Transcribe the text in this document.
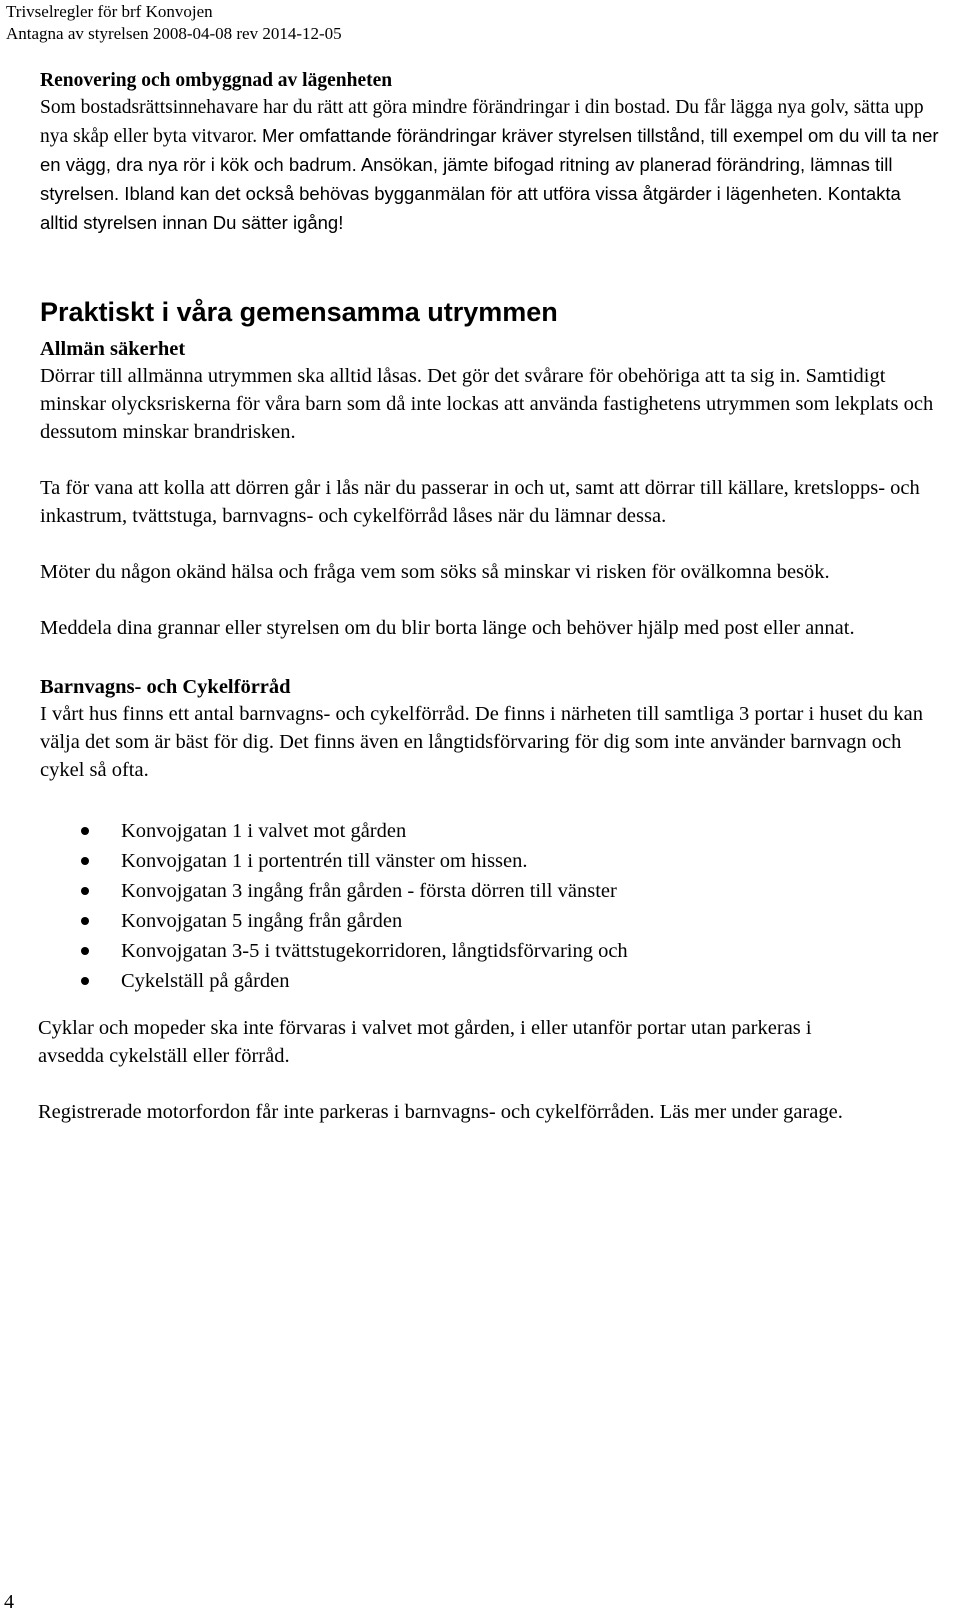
Trivselregler för brf Konvojen
Antagna av styrelsen 2008-04-08 rev 2014-12-05
Renovering och ombyggnad av lägenheten

Som bostadsrättsinnehavare har du rätt att göra mindre förändringar i din bostad. Du får lägga nya golv, sätta upp nya skåp eller byta vitvaror. Mer omfattande förändringar kräver styrelsen tillstånd, till exempel om du vill ta ner en vägg, dra nya rör i kök och badrum. Ansökan, jämte bifogad ritning av planerad förändring, lämnas till styrelsen. Ibland kan det också behövas bygganmälan för att utföra vissa åtgärder i lägenheten. Kontakta alltid styrelsen innan Du sätter igång!

Praktiskt i våra gemensamma utrymmen
Allmän säkerhet

Dörrar till allmänna utrymmen ska alltid låsas. Det gör det svårare för obehöriga att ta sig in. Samtidigt minskar olycksriskerna för våra barn som då inte lockas att använda fastighetens utrymmen som lekplats och dessutom minskar brandrisken.

Ta för vana att kolla att dörren går i lås när du passerar in och ut, samt att dörrar till källare, kretslopps- och inkastrum, tvättstuga, barnvagns- och cykelförråd låses när du lämnar dessa.

Möter du någon okänd hälsa och fråga vem som söks så minskar vi risken för ovälkomna besök.

Meddela dina grannar eller styrelsen om du blir borta länge och behöver hjälp med post eller annat.

Barnvagns- och Cykelförråd

I vårt hus finns ett antal barnvagns- och cykelförråd. De finns i närheten till samtliga 3 portar i huset du kan välja det som är bäst för dig. Det finns även en långtidsförvaring för dig som inte använder barnvagn och cykel så ofta.

Konvojgatan 1 i valvet mot gården
Konvojgatan 1 i portentrén till vänster om hissen.
Konvojgatan 3 ingång från gården - första dörren till vänster
Konvojgatan 5 ingång från gården
Konvojgatan 3-5 i tvättstugekorridoren, långtidsförvaring och
Cykelställ på gården

Cyklar och mopeder ska inte förvaras i valvet mot gården, i eller utanför portar utan parkeras i avsedda cykelställ eller förråd.

Registrerade motorfordon får inte parkeras i barnvagns- och cykelförråden. Läs mer under garage.

4
